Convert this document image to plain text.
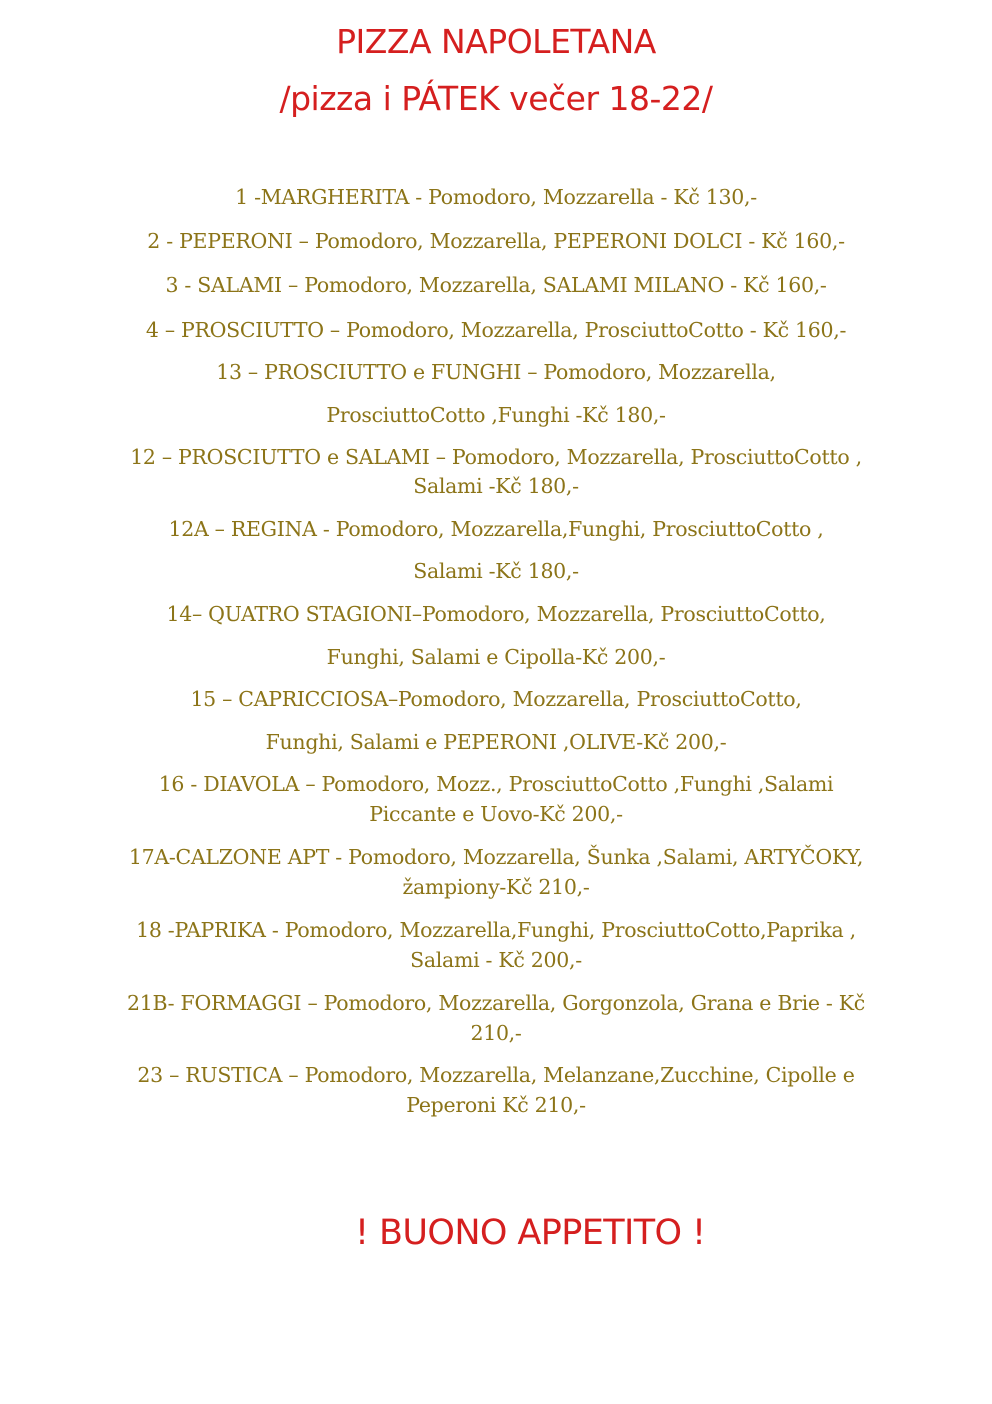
PIZZA NAPOLETANA
/pizza i PÁTEK večer 18-22/
1 -MARGHERITA - Pomodoro, Mozzarella - Kč 130,-
2 - PEPERONI – Pomodoro, Mozzarella, PEPERONI DOLCI - Kč 160,-
3 - SALAMI – Pomodoro, Mozzarella, SALAMI MILANO - Kč 160,-
4 – PROSCIUTTO – Pomodoro, Mozzarella, ProsciuttoCotto - Kč 160,-
13 – PROSCIUTTO e FUNGHI – Pomodoro, Mozzarella,
ProsciuttoCotto ,Funghi -Kč 180,-
12 – PROSCIUTTO e SALAMI – Pomodoro, Mozzarella, ProsciuttoCotto ,
Salami -Kč 180,-
12A – REGINA - Pomodoro, Mozzarella,Funghi, ProsciuttoCotto ,
Salami -Kč 180,-
14– QUATRO STAGIONI–Pomodoro, Mozzarella, ProsciuttoCotto,
Funghi, Salami e Cipolla-Kč 200,-
15 – CAPRICCIOSA–Pomodoro, Mozzarella, ProsciuttoCotto,
Funghi, Salami e PEPERONI ,OLIVE-Kč 200,-
16 - DIAVOLA – Pomodoro, Mozz., ProsciuttoCotto ,Funghi ,Salami
Piccante e Uovo-Kč 200,-
17A-CALZONE APT - Pomodoro, Mozzarella, Šunka ,Salami, ARTYČOKY,
žampiony-Kč 210,-
18 -PAPRIKA - Pomodoro, Mozzarella,Funghi, ProsciuttoCotto,Paprika ,
Salami - Kč 200,-
21B- FORMAGGI – Pomodoro, Mozzarella, Gorgonzola, Grana e Brie - Kč
210,-
23 – RUSTICA – Pomodoro, Mozzarella, Melanzane,Zucchine, Cipolle e
Peperoni Kč 210,-
! BUONO APPETITO !
